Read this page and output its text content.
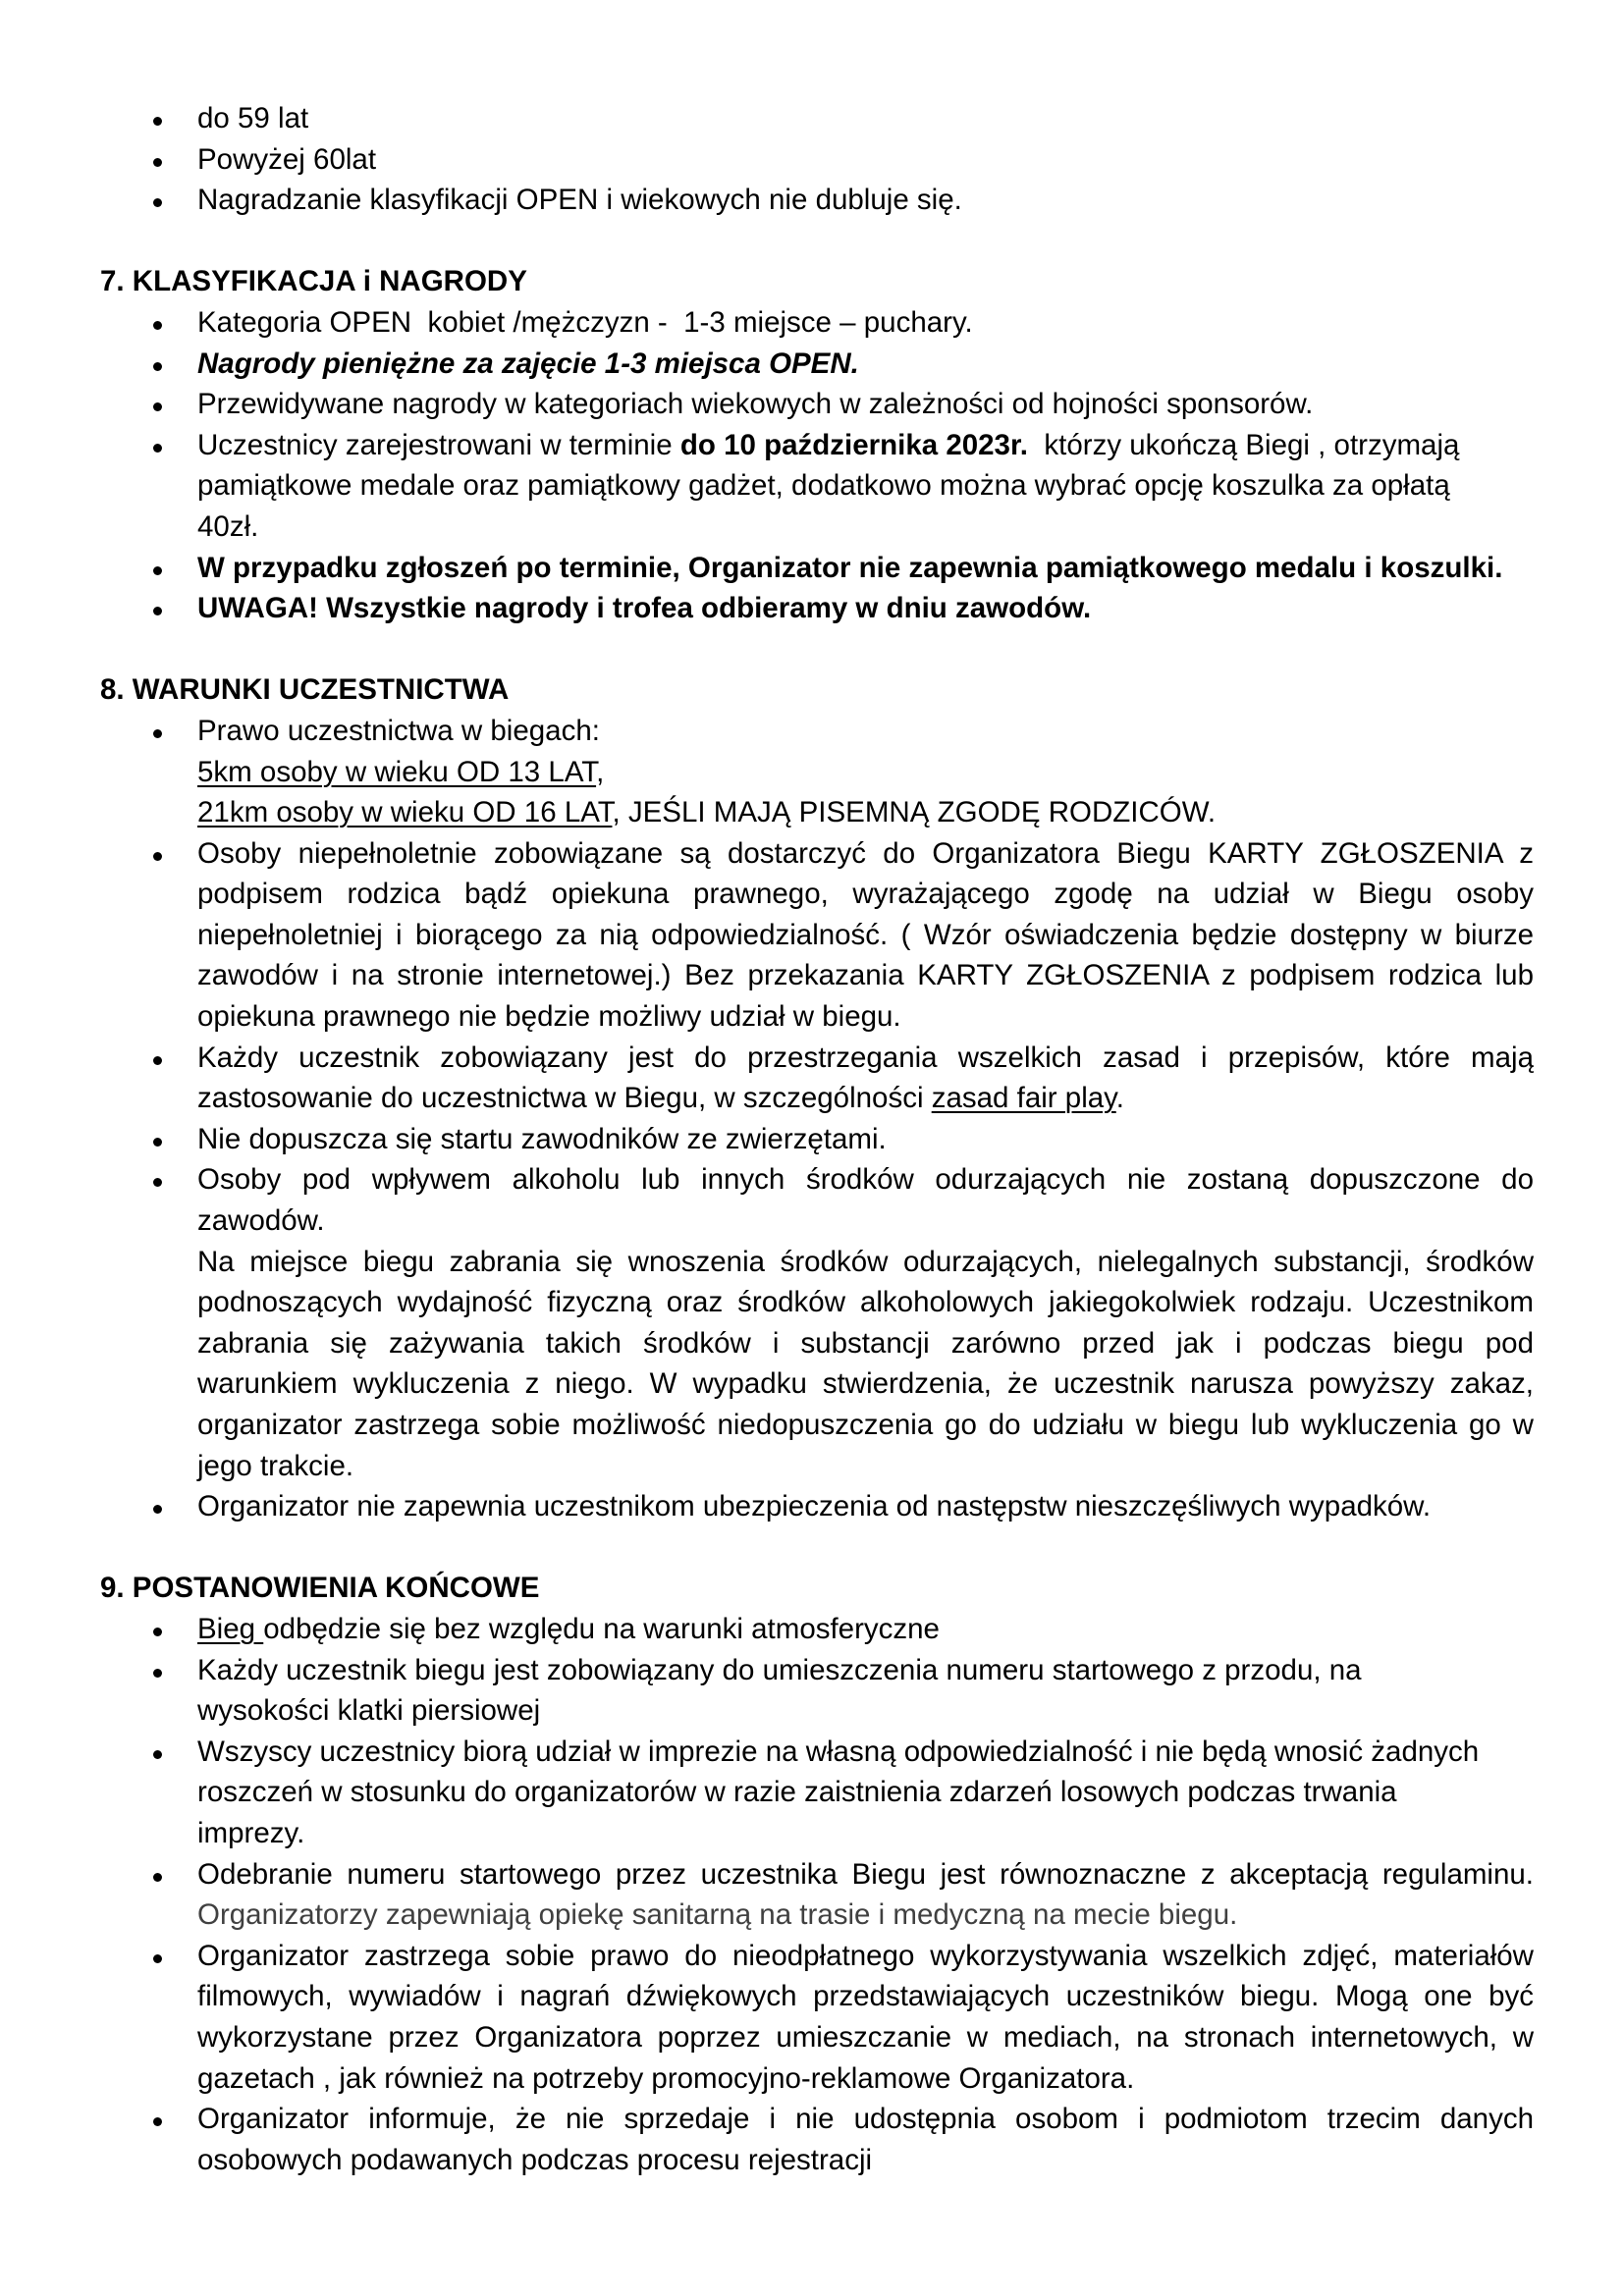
do 59 lat
Powyżej 60lat
Nagradzanie klasyfikacji OPEN i wiekowych nie dubluje się.
7. KLASYFIKACJA i NAGRODY
Kategoria OPEN  kobiet /mężczyzn -  1-3 miejsce – puchary.
Nagrody pieniężne za zajęcie 1-3 miejsca OPEN.
Przewidywane nagrody w kategoriach wiekowych w zależności od hojności sponsorów.
Uczestnicy zarejestrowani w terminie do 10 października 2023r.  którzy ukończą Biegi , otrzymają
pamiątkowe medale oraz pamiątkowy gadżet, dodatkowo można wybrać opcję koszulka za opłatą
40zł.
W przypadku zgłoszeń po terminie, Organizator nie zapewnia pamiątkowego medalu i koszulki.
UWAGA! Wszystkie nagrody i trofea odbieramy w dniu zawodów.
8. WARUNKI UCZESTNICTWA
Prawo uczestnictwa w biegach:
5km osoby w wieku OD 13 LAT,
21km osoby w wieku OD 16 LAT, JEŚLI MAJĄ PISEMNĄ ZGODĘ RODZICÓW.
Osoby niepełnoletnie zobowiązane są dostarczyć do Organizatora Biegu KARTY ZGŁOSZENIA z
podpisem rodzica bądź opiekuna prawnego, wyrażającego zgodę na udział w Biegu osoby
niepełnoletniej i biorącego za nią odpowiedzialność. ( Wzór oświadczenia będzie dostępny w biurze
zawodów i na stronie internetowej.) Bez przekazania KARTY ZGŁOSZENIA z podpisem rodzica lub
opiekuna prawnego nie będzie możliwy udział w biegu.
Każdy uczestnik zobowiązany jest do przestrzegania wszelkich zasad i przepisów, które mają
zastosowanie do uczestnictwa w Biegu, w szczególności zasad fair play.
Nie dopuszcza się startu zawodników ze zwierzętami.
Osoby pod wpływem alkoholu lub innych środków odurzających nie zostaną dopuszczone do
zawodów.
Na miejsce biegu zabrania się wnoszenia środków odurzających, nielegalnych substancji, środków
podnoszących wydajność fizyczną oraz środków alkoholowych jakiegokolwiek rodzaju. Uczestnikom
zabrania się zażywania takich środków i substancji zarówno przed jak i podczas biegu pod
warunkiem wykluczenia z niego. W wypadku stwierdzenia, że uczestnik narusza powyższy zakaz,
organizator zastrzega sobie możliwość niedopuszczenia go do udziału w biegu lub wykluczenia go w
jego trakcie.
Organizator nie zapewnia uczestnikom ubezpieczenia od następstw nieszczęśliwych wypadków.
9. POSTANOWIENIA KOŃCOWE
Bieg odbędzie się bez względu na warunki atmosferyczne
Każdy uczestnik biegu jest zobowiązany do umieszczenia numeru startowego z przodu, na
wysokości klatki piersiowej
Wszyscy uczestnicy biorą udział w imprezie na własną odpowiedzialność i nie będą wnosić żadnych
roszczeń w stosunku do organizatorów w razie zaistnienia zdarzeń losowych podczas trwania
imprezy.
Odebranie numeru startowego przez uczestnika Biegu jest równoznaczne z akceptacją regulaminu.
Organizatorzy zapewniają opiekę sanitarną na trasie i medyczną na mecie biegu.
Organizator zastrzega sobie prawo do nieodpłatnego wykorzystywania wszelkich zdjęć, materiałów
filmowych, wywiadów i nagrań dźwiękowych przedstawiających uczestników biegu. Mogą one być
wykorzystane przez Organizatora poprzez umieszczanie w mediach, na stronach internetowych, w
gazetach , jak również na potrzeby promocyjno-reklamowe Organizatora.
Organizator informuje, że nie sprzedaje i nie udostępnia osobom i podmiotom trzecim danych
osobowych podawanych podczas procesu rejestracji
